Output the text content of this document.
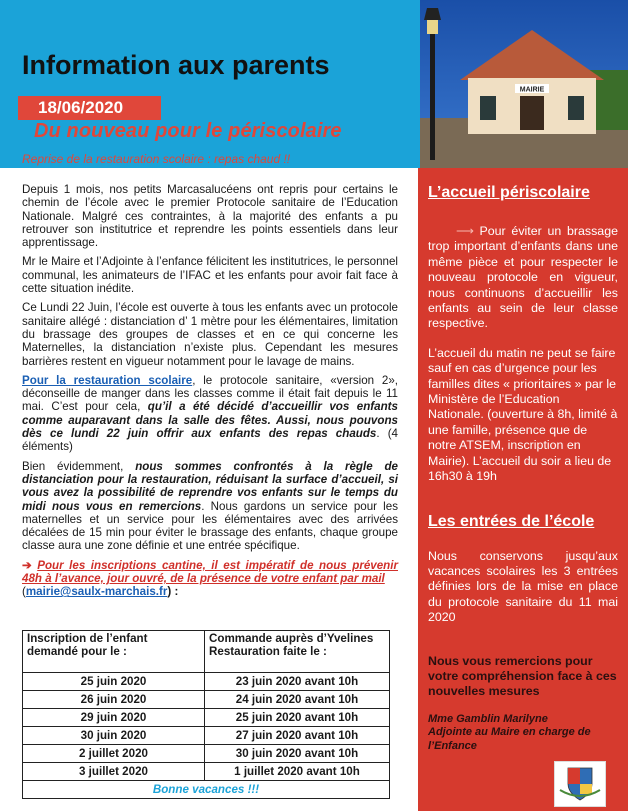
Information aux parents
18/06/2020
Du nouveau pour le périscolaire
Reprise de la restauration scolaire : repas chaud !!
MAIRIE

Depuis 1 mois, nos petits Marcasalucéens ont repris pour certains le chemin de l’école avec le premier Protocole sanitaire de l’Education Nationale. Malgré ces contraintes, à la majorité des enfants a pu retrouver son institutrice et reprendre les points essentiels dans leur apprentissage.

Mr le Maire et l’Adjointe à l’enfance félicitent les institutrices, le personnel communal, les animateurs de l’IFAC et les enfants pour avoir fait face à cette situation inédite.

Ce Lundi 22 Juin, l’école est ouverte à tous les enfants avec un protocole sanitaire allégé : distanciation d’ 1 mètre pour les élémentaires, limitation du brassage des groupes de classes et en ce qui concerne les Maternelles, la distanciation n’existe plus. Cependant les mesures barrières restent en vigueur notamment pour le lavage de mains.

Pour la restauration scolaire, le protocole sanitaire, «version 2», déconseille de manger dans les classes comme il était fait depuis le 11 mai. C’est pour cela, qu’il a été décidé d’accueillir vos enfants comme auparavant dans la salle des fêtes. Aussi, nous pouvons dès ce lundi 22 juin offrir aux enfants des repas chauds. (4 éléments)

Bien évidemment, nous sommes confrontés à la règle de distanciation pour la restauration, réduisant la surface d’accueil, si vous avez la possibilité de reprendre vos enfants sur le temps du midi nous vous en remercions. Nous gardons un service pour les maternelles et un service pour les élémentaires avec des arrivées décalées de 15 min pour éviter le brassage des enfants, chaque groupe classe aura une zone définie et une entrée spécifique.

➔ Pour les inscriptions cantine, il est impératif de nous prévenir 48h à l’avance, jour ouvré, de la présence de votre enfant par mail
(mairie@saulx-marchais.fr) :

Inscription de l’enfant demandé pour le :	Commande auprès d’Yvelines Restauration faite le :
25 juin 2020	23 juin 2020 avant 10h
26 juin 2020	24 juin 2020 avant 10h
29 juin 2020	25 juin 2020 avant 10h
30 juin 2020	27 juin 2020 avant 10h
2 juillet 2020	30 juin 2020 avant 10h
3 juillet 2020	1 juillet 2020 avant 10h
Bonne vacances !!!	
L’accueil périscolaire
⟶ Pour éviter un brassage trop important d’enfants dans une même pièce et pour respecter le nouveau protocole en vigueur, nous continuons d’accueillir les enfants au sein de leur classe respective.
L’accueil du matin ne peut se faire sauf en cas d’urgence pour les familles dites « prioritaires » par le Ministère de l’Education Nationale. (ouverture à 8h, limité à une famille, présence que de notre ATSEM, inscription en Mairie). L’accueil du soir a lieu de 16h30 à 19h
Les entrées de l’école
Nous conservons jusqu’aux vacances scolaires les 3 entrées définies lors de la mise en place du protocole sanitaire du 11 mai 2020
Nous vous remercions pour votre compréhension face à ces nouvelles mesures
Mme Gamblin Marilyne
Adjointe au Maire en charge de l’Enfance
